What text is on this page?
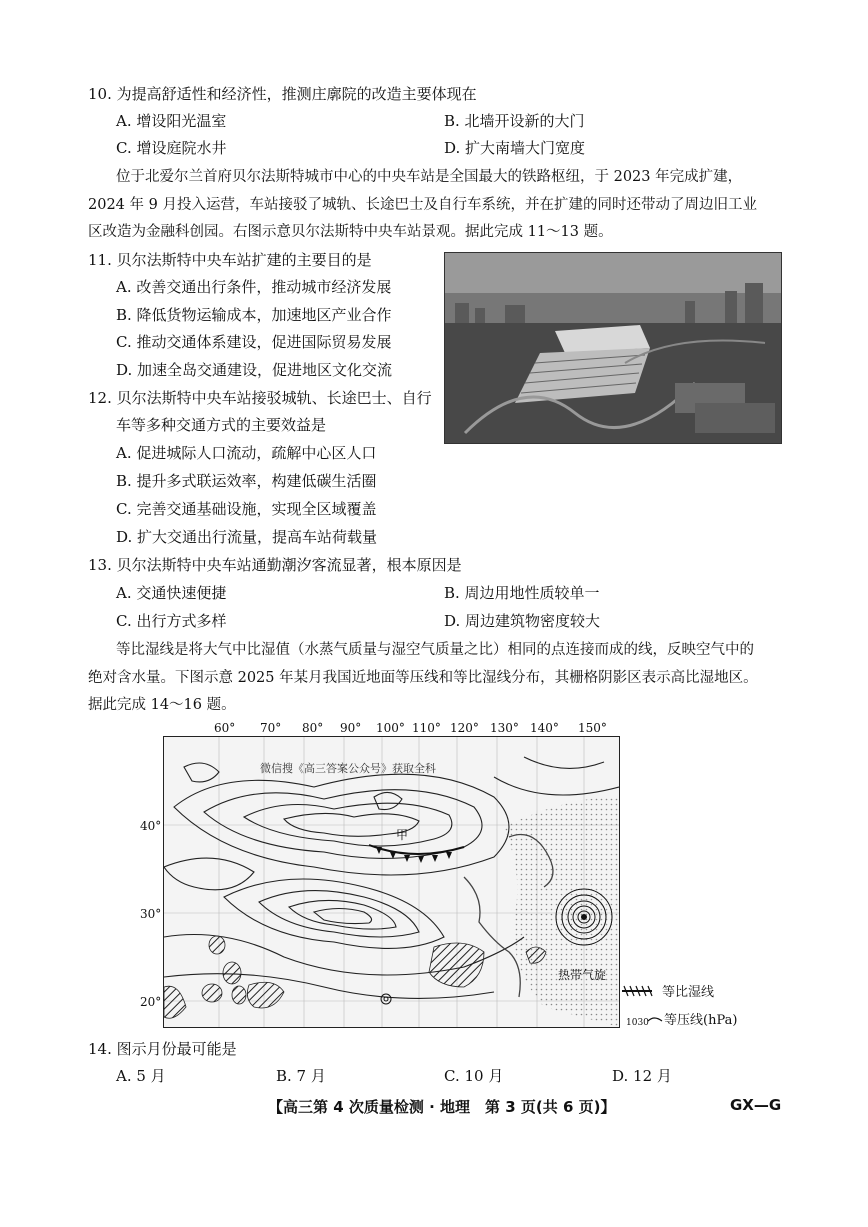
10. 为提高舒适性和经济性，推测庄廓院的改造主要体现在
A. 增设阳光温室	B. 北墙开设新的大门
C. 增设庭院水井	D. 扩大南墙大门宽度
位于北爱尔兰首府贝尔法斯特城市中心的中央车站是全国最大的铁路枢纽，于 2023 年完成扩建，
2024 年 9 月投入运营，车站接驳了城轨、长途巴士及自行车系统，并在扩建的同时还带动了周边旧工业
区改造为金融科创园。右图示意贝尔法斯特中央车站景观。据此完成 11～13 题。
11. 贝尔法斯特中央车站扩建的主要目的是
A. 改善交通出行条件，推动城市经济发展
B. 降低货物运输成本，加速地区产业合作
C. 推动交通体系建设，促进国际贸易发展
D. 加速全岛交通建设，促进地区文化交流
12. 贝尔法斯特中央车站接驳城轨、长途巴士、自行
车等多种交通方式的主要效益是
A. 促进城际人口流动，疏解中心区人口
B. 提升多式联运效率，构建低碳生活圈
C. 完善交通基础设施，实现全区域覆盖
D. 扩大交通出行流量，提高车站荷载量
13. 贝尔法斯特中央车站通勤潮汐客流显著，根本原因是
A. 交通快速便捷	B. 周边用地性质较单一
C. 出行方式多样	D. 周边建筑物密度较大
等比湿线是将大气中比湿值（水蒸气质量与湿空气质量之比）相同的点连接而成的线，反映空气中的
绝对含水量。下图示意 2025 年某月我国近地面等压线和等比湿线分布，其栅格阴影区表示高比湿地区。
据此完成 14～16 题。
60° 70° 80° 90° 100° 110° 120° 130° 140° 150°
40°
30°
20°
微信搜《高三答案公众号》获取全科
甲
热带气旋
等比湿线
1030 等压线(hPa)
14. 图示月份最可能是
A. 5 月	B. 7 月	C. 10 月	D. 12 月
【高三第 4 次质量检测 · 地理　第 3 页(共 6 页)】	GX—G
